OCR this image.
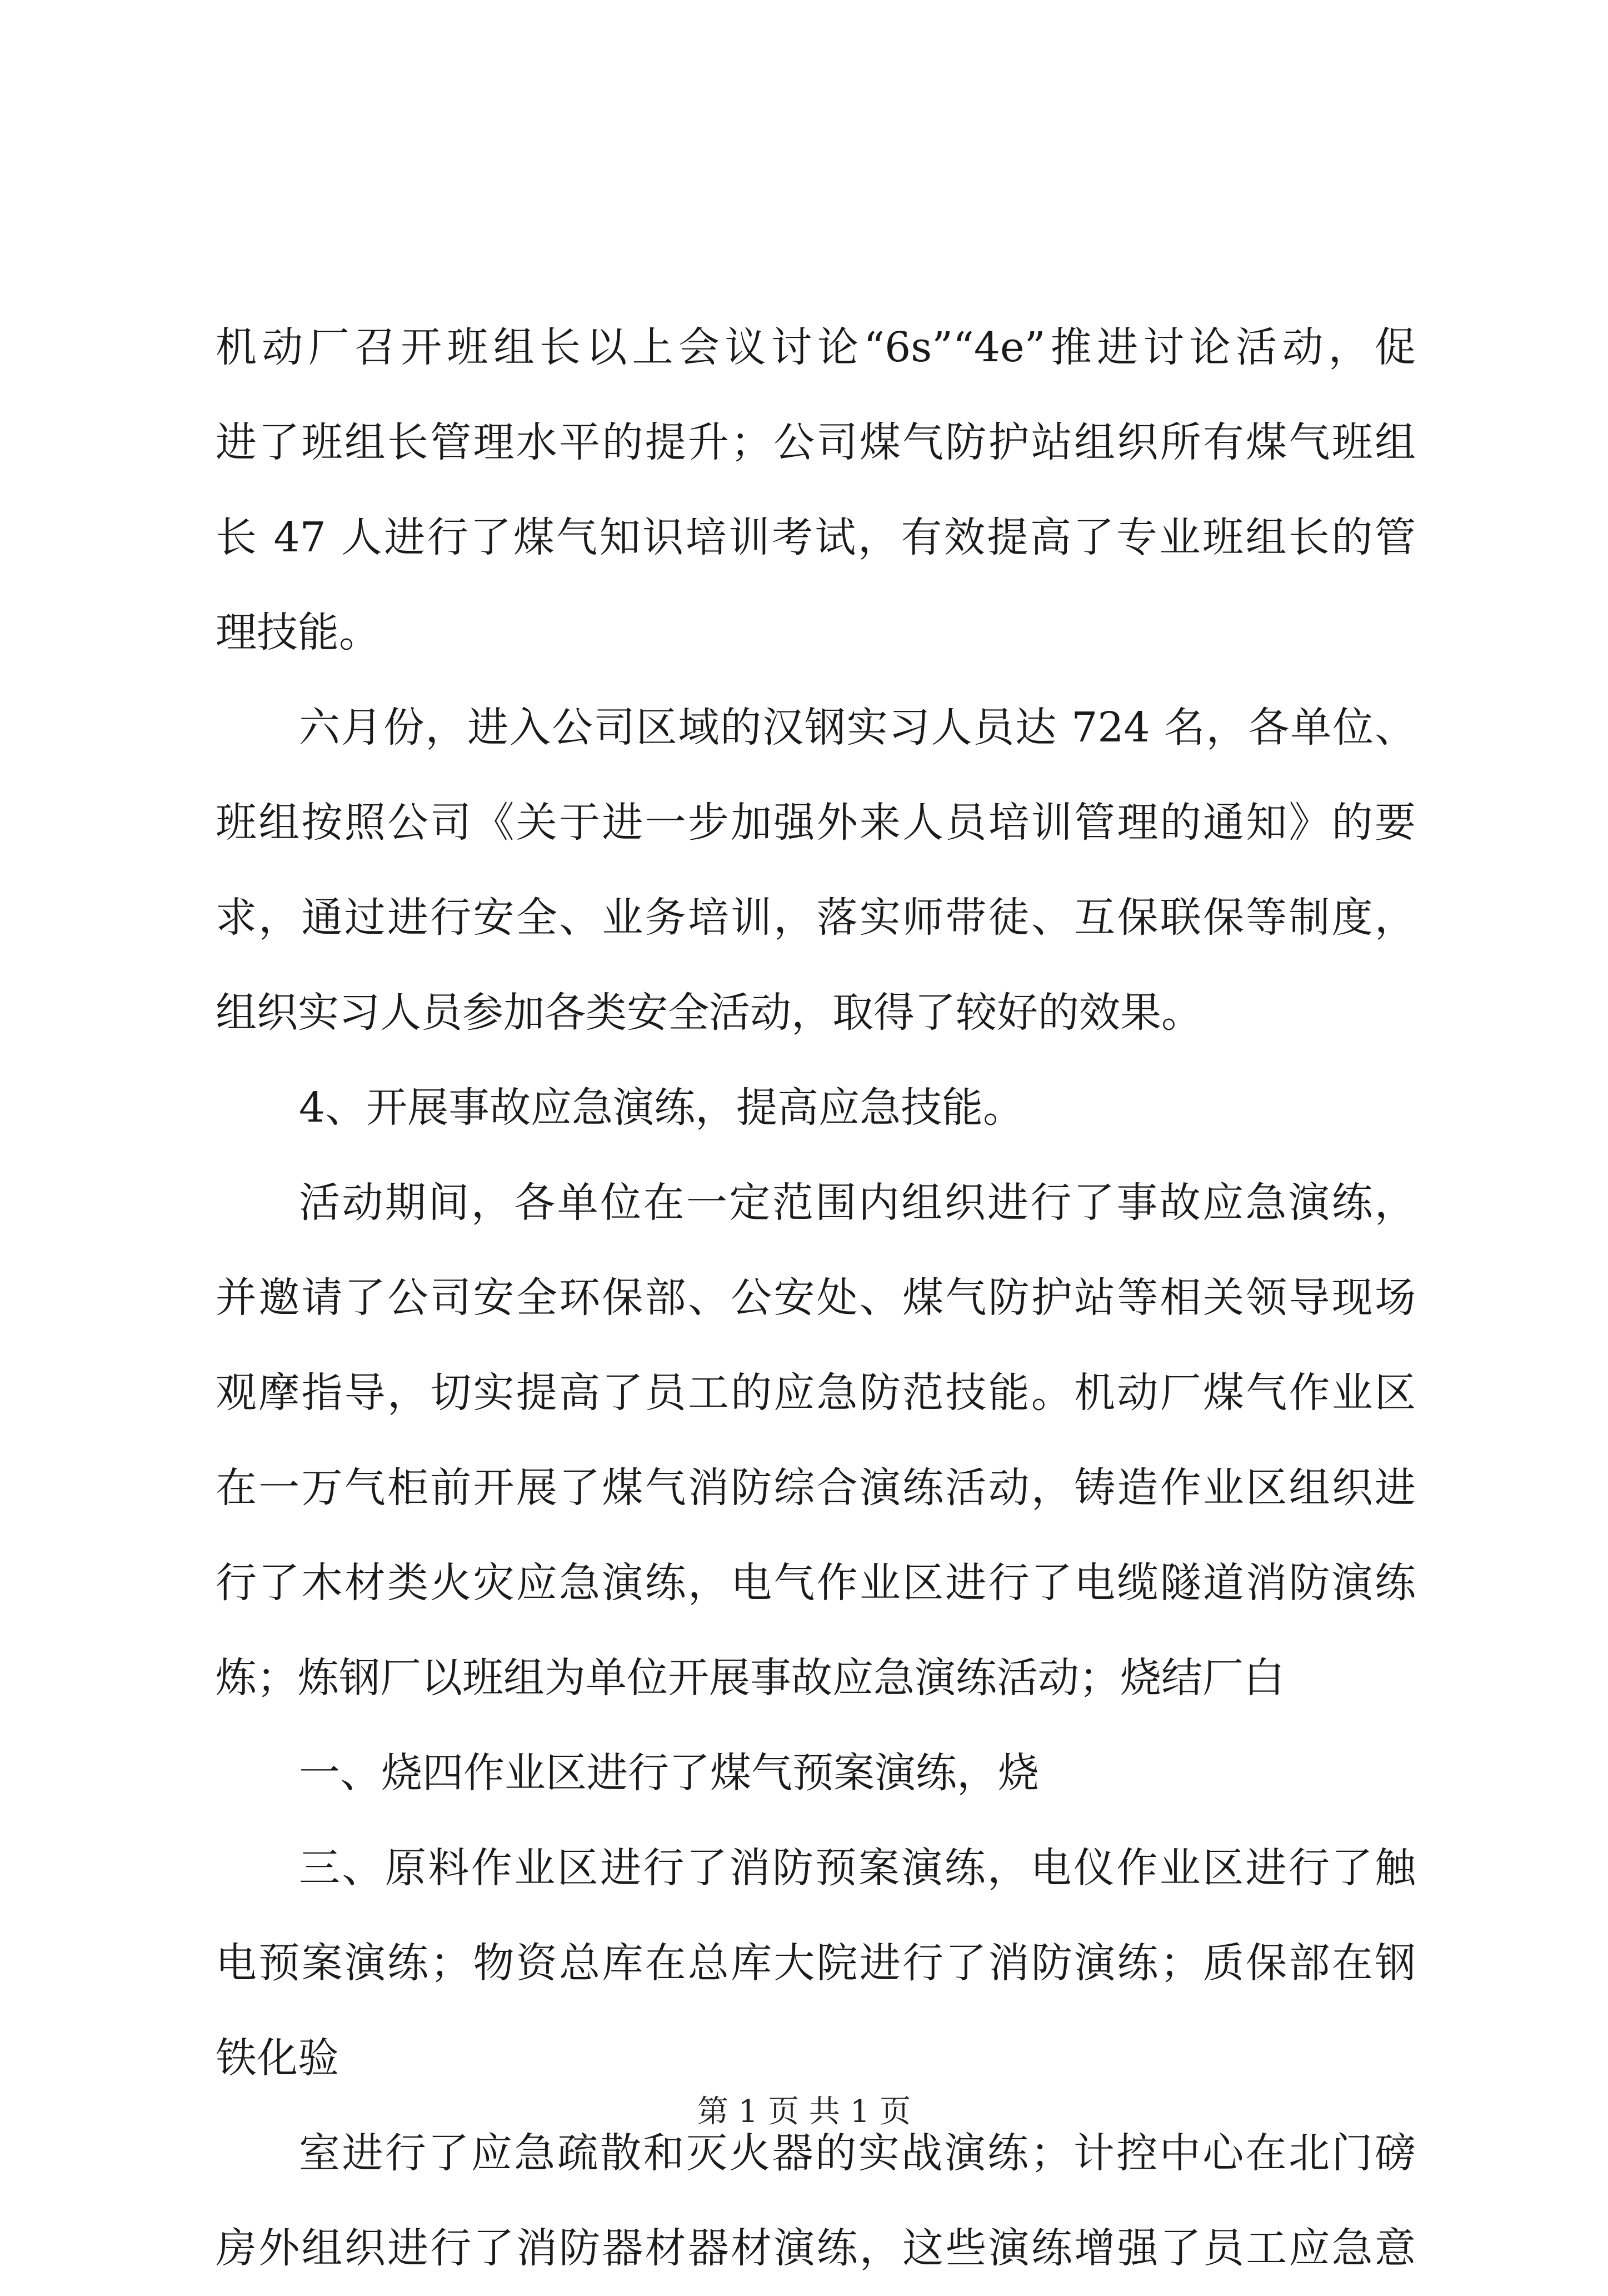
机动厂召开班组长以上会议讨论“6s”“4e”推进讨论活动，促
进了班组长管理水平的提升；公司煤气防护站组织所有煤气班组
长 47 人进行了煤气知识培训考试，有效提高了专业班组长的管
理技能。
六月份，进入公司区域的汉钢实习人员达 724 名，各单位、
班组按照公司《关于进一步加强外来人员培训管理的通知》的要
求，通过进行安全、业务培训，落实师带徒、互保联保等制度，
组织实习人员参加各类安全活动，取得了较好的效果。
4、开展事故应急演练，提高应急技能。
活动期间，各单位在一定范围内组织进行了事故应急演练，
并邀请了公司安全环保部、公安处、煤气防护站等相关领导现场
观摩指导，切实提高了员工的应急防范技能。机动厂煤气作业区
在一万气柜前开展了煤气消防综合演练活动，铸造作业区组织进
行了木材类火灾应急演练，电气作业区进行了电缆隧道消防演练
炼；炼钢厂以班组为单位开展事故应急演练活动；烧结厂白
一、烧四作业区进行了煤气预案演练，烧
三、原料作业区进行了消防预案演练，电仪作业区进行了触
电预案演练；物资总库在总库大院进行了消防演练；质保部在钢
铁化验
室进行了应急疏散和灭火器的实战演练；计控中心在北门磅
房外组织进行了消防器材器材演练，这些演练增强了员工应急意
第 1 页 共 1 页
